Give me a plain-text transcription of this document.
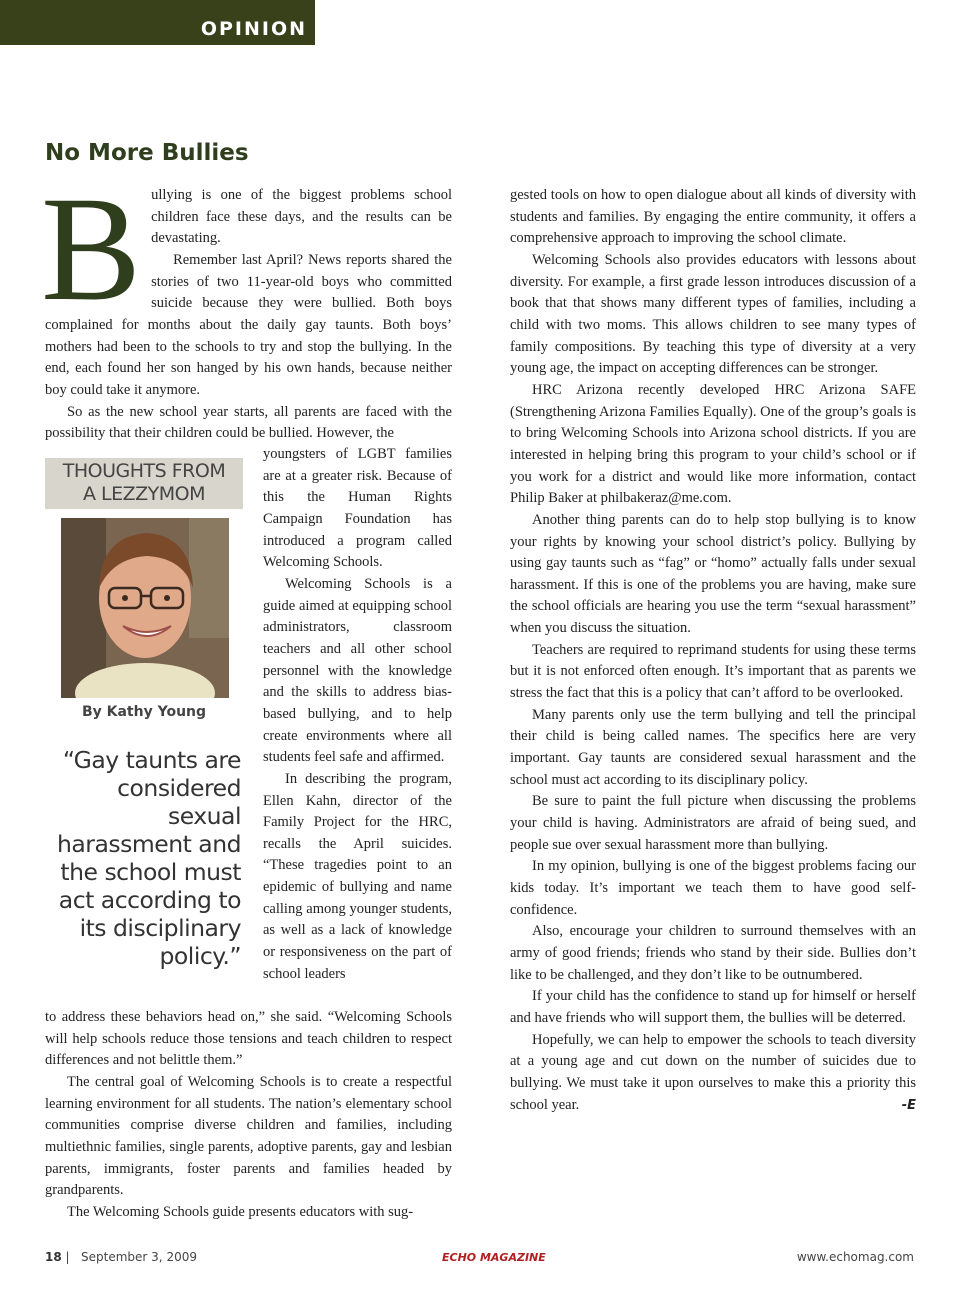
OPINION
No More Bullies
B ullying is one of the biggest problems school children face these days, and the results can be devastating.

Remember last April? News reports shared the stories of two 11-year-old boys who committed suicide because they were bullied. Both boys complained for months about the daily gay taunts. Both boys’ mothers had been to the schools to try and stop the bullying. In the end, each found her son hanged by his own hands, because neither boy could take it anymore.

So as the new school year starts, all parents are faced with the possibility that their children could be bullied. However, the

THOUGHTS FROM
A LEZZYMOM
By Kathy Young
“Gay taunts are considered sexual harassment and the school must act according to its disciplinary policy.”

youngsters of LGBT families are at a greater risk. Because of this the Human Rights Campaign Foundation has introduced a program called Welcoming Schools.

Welcoming Schools is a guide aimed at equipping school administrators, classroom teachers and all other school personnel with the knowledge and the skills to address bias-based bullying, and to help create environments where all students feel safe and affirmed.

In describing the program, Ellen Kahn, director of the Family Project for the HRC, recalls the April suicides. “These tragedies point to an epidemic of bullying and name calling among younger students, as well as a lack of knowledge or responsiveness on the part of school leaders

to address these behaviors head on,” she said. “Welcoming Schools will help schools reduce those tensions and teach children to respect differences and not belittle them.”

The central goal of Welcoming Schools is to create a respectful learning environment for all students. The nation’s elementary school communities comprise diverse children and families, including multiethnic families, single parents, adoptive parents, gay and lesbian parents, immigrants, foster parents and families headed by grandparents.

The Welcoming Schools guide presents educators with sug-

gested tools on how to open dialogue about all kinds of diversity with students and families. By engaging the entire community, it offers a comprehensive approach to improving the school climate.

Welcoming Schools also provides educators with lessons about diversity. For example, a first grade lesson introduces discussion of a book that that shows many different types of families, including a child with two moms. This allows children to see many types of family compositions. By teaching this type of diversity at a very young age, the impact on accepting differences can be stronger.

HRC Arizona recently developed HRC Arizona SAFE (Strengthening Arizona Families Equally). One of the group’s goals is to bring Welcoming Schools into Arizona school districts. If you are interested in helping bring this program to your child’s school or if you work for a district and would like more information, contact Philip Baker at philbakeraz@me.com.

Another thing parents can do to help stop bullying is to know your rights by knowing your school district’s policy. Bullying by using gay taunts such as “fag” or “homo” actually falls under sexual harassment. If this is one of the problems you are having, make sure the school officials are hearing you use the term “sexual harassment” when you discuss the situation.

Teachers are required to reprimand students for using these terms but it is not enforced often enough. It’s important that as parents we stress the fact that this is a policy that can’t afford to be overlooked.

Many parents only use the term bullying and tell the principal their child is being called names. The specifics here are very important. Gay taunts are considered sexual harassment and the school must act according to its disciplinary policy.

Be sure to paint the full picture when discussing the problems your child is having. Administrators are afraid of being sued, and people sue over sexual harassment more than bullying.

In my opinion, bullying is one of the biggest problems facing our kids today. It’s important we teach them to have good self-confidence.

Also, encourage your children to surround themselves with an army of good friends; friends who stand by their side. Bullies don’t like to be challenged, and they don’t like to be outnumbered.

If your child has the confidence to stand up for himself or herself and have friends who will support them, the bullies will be deterred.

Hopefully, we can help to empower the schools to teach diversity at a young age and cut down on the number of suicides due to bullying. We must take it upon ourselves to make this a priority this school year.	-E
18 | September 3, 2009	ECHO MAGAZINE	www.echomag.com
